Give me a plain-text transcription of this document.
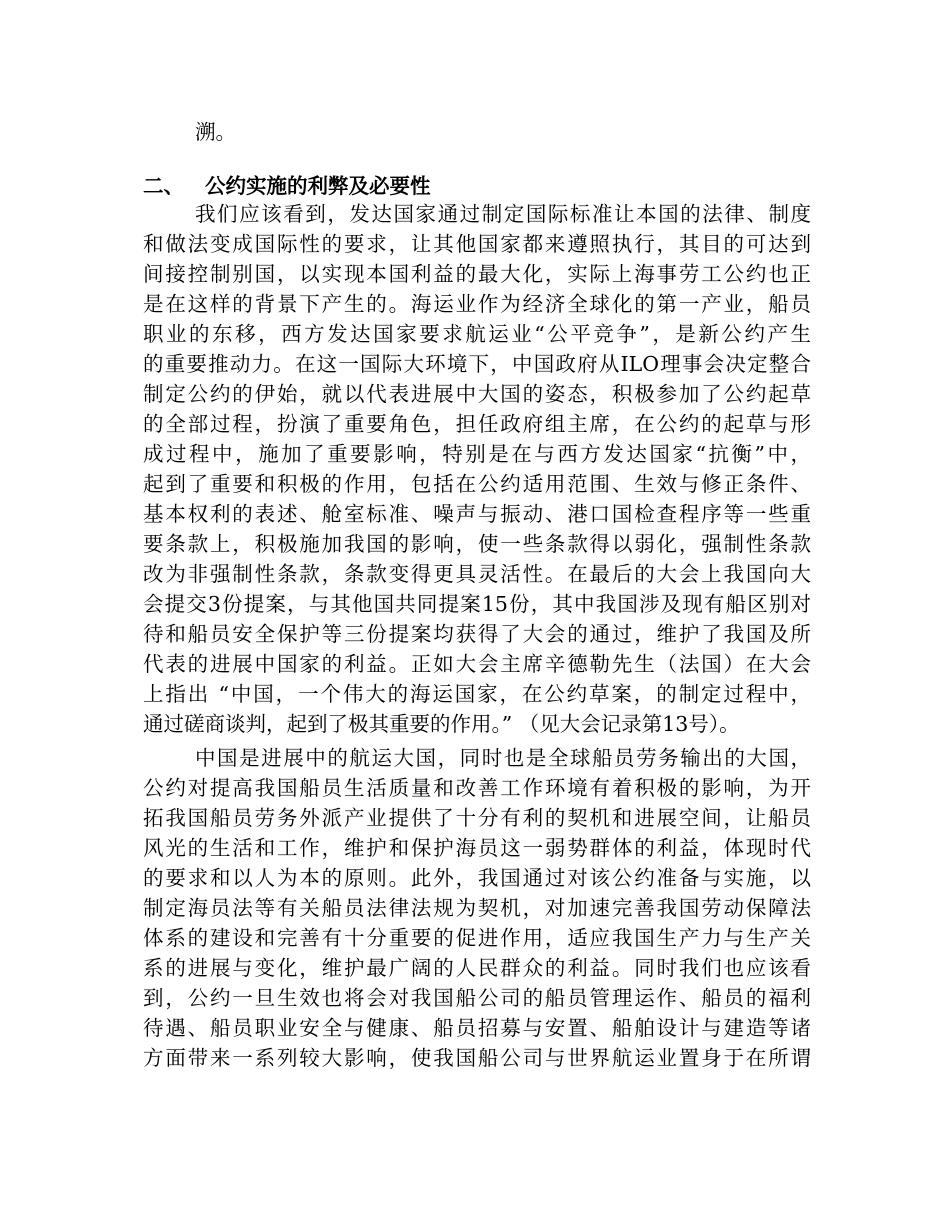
溯。
二、 公约实施的利弊及必要性
我们应该看到，发达国家通过制定国际标准让本国的法律、制度
和做法变成国际性的要求，让其他国家都来遵照执行，其目的可达到
间接控制别国，以实现本国利益的最大化，实际上海事劳工公约也正
是在这样的背景下产生的。海运业作为经济全球化的第一产业，船员
职业的东移，西方发达国家要求航运业“公平竞争”，是新公约产生
的重要推动力。在这一国际大环境下，中国政府从ILO理事会决定整合
制定公约的伊始，就以代表进展中大国的姿态，积极参加了公约起草
的全部过程，扮演了重要角色，担任政府组主席，在公约的起草与形
成过程中，施加了重要影响，特别是在与西方发达国家“抗衡”中，
起到了重要和积极的作用，包括在公约适用范围、生效与修正条件、
基本权利的表述、舱室标准、噪声与振动、港口国检查程序等一些重
要条款上，积极施加我国的影响，使一些条款得以弱化，强制性条款
改为非强制性条款，条款变得更具灵活性。在最后的大会上我国向大
会提交3份提案，与其他国共同提案15份，其中我国涉及现有船区别对
待和船员安全保护等三份提案均获得了大会的通过，维护了我国及所
代表的进展中国家的利益。正如大会主席辛德勒先生（法国）在大会
上指出 “中国，一个伟大的海运国家，在公约草案，的制定过程中，
通过磋商谈判，起到了极其重要的作用。” （见大会记录第13号）。
中国是进展中的航运大国，同时也是全球船员劳务输出的大国，
公约对提高我国船员生活质量和改善工作环境有着积极的影响，为开
拓我国船员劳务外派产业提供了十分有利的契机和进展空间，让船员
风光的生活和工作，维护和保护海员这一弱势群体的利益，体现时代
的要求和以人为本的原则。此外，我国通过对该公约准备与实施，以
制定海员法等有关船员法律法规为契机，对加速完善我国劳动保障法
体系的建设和完善有十分重要的促进作用，适应我国生产力与生产关
系的进展与变化，维护最广阔的人民群众的利益。同时我们也应该看
到，公约一旦生效也将会对我国船公司的船员管理运作、船员的福利
待遇、船员职业安全与健康、船员招募与安置、船舶设计与建造等诸
方面带来一系列较大影响，使我国船公司与世界航运业置身于在所谓
